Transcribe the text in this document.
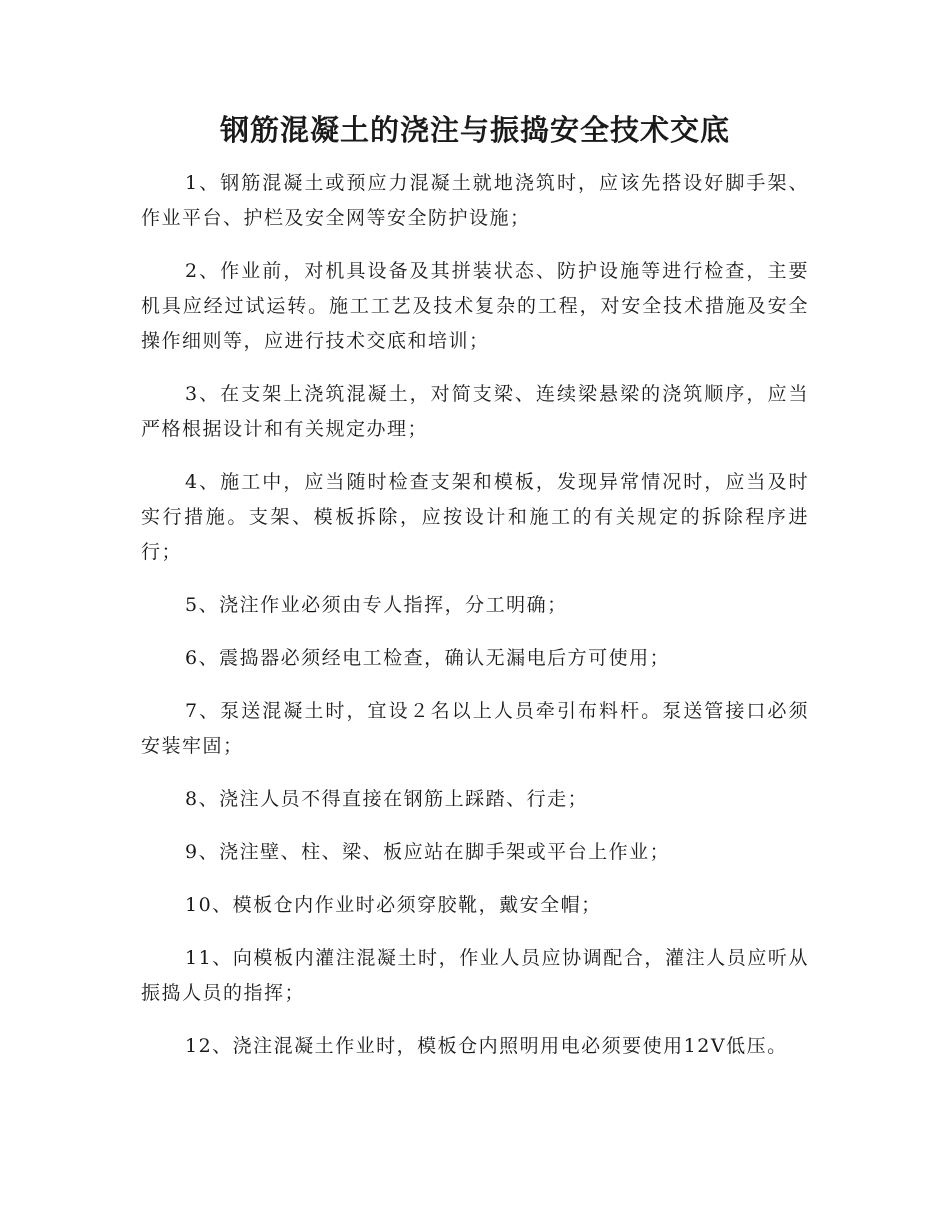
钢筋混凝土的浇注与振捣安全技术交底

1、钢筋混凝土或预应力混凝土就地浇筑时，应该先搭设好脚手架、作业平台、护栏及安全网等安全防护设施；

2、作业前，对机具设备及其拼装状态、防护设施等进行检查，主要机具应经过试运转。施工工艺及技术复杂的工程，对安全技术措施及安全操作细则等，应进行技术交底和培训；

3、在支架上浇筑混凝土，对简支梁、连续梁悬梁的浇筑顺序，应当严格根据设计和有关规定办理；

4、施工中，应当随时检查支架和模板，发现异常情况时，应当及时实行措施。支架、模板拆除，应按设计和施工的有关规定的拆除程序进行；

5、浇注作业必须由专人指挥，分工明确；

6、震捣器必须经电工检查，确认无漏电后方可使用；

7、泵送混凝土时，宜设２名以上人员牵引布料杆。泵送管接口必须安装牢固；

8、浇注人员不得直接在钢筋上踩踏、行走；

9、浇注壁、柱、梁、板应站在脚手架或平台上作业；

10、模板仓内作业时必须穿胶靴，戴安全帽；

11、向模板内灌注混凝土时，作业人员应协调配合，灌注人员应听从振捣人员的指挥；

12、浇注混凝土作业时，模板仓内照明用电必须要使用12V低压。
